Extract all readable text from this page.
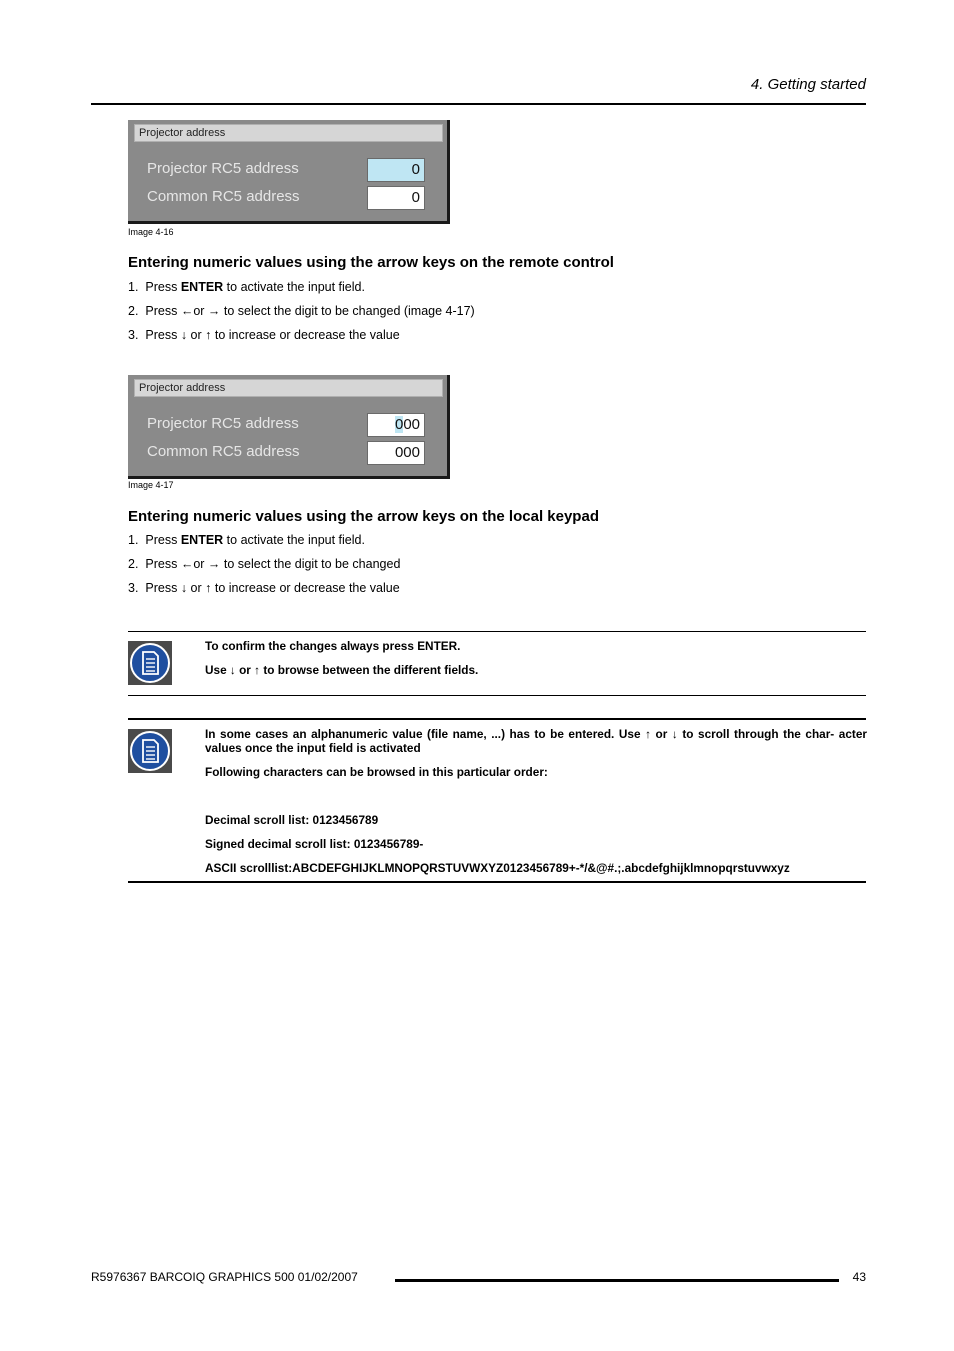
4. Getting started
Projector address
Projector RC5 address	0
Common RC5 address	0
Image 4-16
Entering numeric values using the arrow keys on the remote control
1. Press ENTER to activate the input field.
2. Press ←or → to select the digit to be changed (image 4-17)
3. Press ↓ or ↑ to increase or decrease the value
Projector address
Projector RC5 address	000
Common RC5 address	000
Image 4-17
Entering numeric values using the arrow keys on the local keypad
1. Press ENTER to activate the input field.
2. Press ←or → to select the digit to be changed
3. Press ↓ or ↑ to increase or decrease the value
To confirm the changes always press ENTER.
Use ↓ or ↑ to browse between the different fields.
In some cases an alphanumeric value (file name, ...) has to be entered. Use ↑ or ↓ to scroll through the char- acter values once the input field is activated
Following characters can be browsed in this particular order:
Decimal scroll list: 0123456789
Signed decimal scroll list: 0123456789-
ASCII scrolllist:ABCDEFGHIJKLMNOPQRSTUVWXYZ0123456789+-*/&@#.;.abcdefghijklmnopqrstuvwxyz
R5976367 BARCOIQ GRAPHICS 500 01/02/2007	43
